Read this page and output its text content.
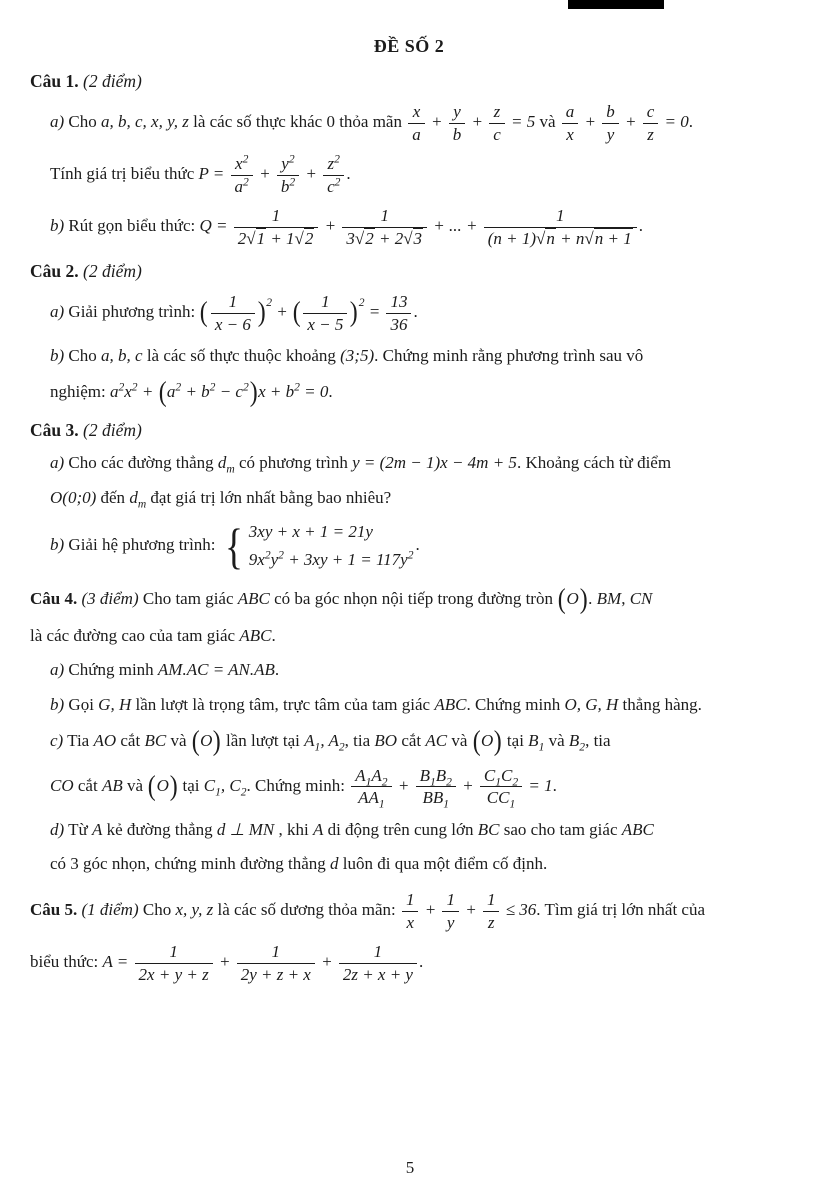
ĐỀ SỐ 2

Câu 1. (2 điểm)

a) Cho a, b, c, x, y, z là các số thực khác 0 thỏa mãn $\frac{x}{a} + \frac{y}{b} + \frac{z}{c} = 5$ và $\frac{a}{x} + \frac{b}{y} + \frac{c}{z} = 0$.

Tính giá trị biểu thức $P = \frac{x^2}{a^2} + \frac{y^2}{b^2} + \frac{z^2}{c^2}$ .

b) Rút gọn biểu thức: $Q = \frac{1}{2√1 + 1√2} + \frac{1}{3√2 + 2√3}$ + ... + $\frac{1}{(n + 1)√n + n√n + 1}$ .

Câu 2. (2 điểm)

a) Giải phương trình: ( $\frac{1}{x - 6} )^2$ + ( $\frac{1}{x - 5} )^2 = \frac{13}{36}$ .

b) Cho a, b, c là các số thực thuộc khoảng (3;5). Chứng minh rằng phương trình sau vô

nghiệm: $a^2x^2 + (a^2 + b^2 - c^2)x + b^2 = 0$.

Câu 3. (2 điểm)

a) Cho các đường thẳng $d_m$ có phương trình y = (2m − 1)x − 4m + 5. Khoảng cách từ điểm

O(0;0) đến $d_m$ đạt giá trị lớn nhất bằng bao nhiêu?

b) Giải hệ phương trình: { 3xy + x + 1 = 21y
$9x^2y^2 + 3xy + 1 = 117y^2$
.

Câu 4. (3 điểm) Cho tam giác ABC có ba góc nhọn nội tiếp trong đường tròn (O). BM, CN

là các đường cao của tam giác ABC.

a) Chứng minh AM.AC = AN.AB.

b) Gọi G, H lần lượt là trọng tâm, trực tâm của tam giác ABC. Chứng minh O, G, H thẳng hàng.

c) Tia AO cắt BC và (O) lần lượt tại $A_1$, $A_2$, tia BO cắt AC và (O) tại $B_1$ và $B_2$, tia

CO cắt AB và (O) tại $C_1$, $C_2$. Chứng minh: $\frac{A_1A_2}{AA_1} + \frac{B_1B_2}{BB_1} + \frac{C_1C_2}{CC_1} = 1$.

d) Từ A kẻ đường thẳng d ⊥ MN , khi A di động trên cung lớn BC sao cho tam giác ABC

có 3 góc nhọn, chứng minh đường thẳng d luôn đi qua một điểm cố định.

Câu 5. (1 điểm) Cho x, y, z là các số dương thỏa mãn: $\frac{1}{x} + \frac{1}{y} + \frac{1}{z} \le 36$. Tìm giá trị lớn nhất của

biểu thức: $A = \frac{1}{2x + y + z} + \frac{1}{2y + z + x} + \frac{1}{2z + x + y}$ .

5
